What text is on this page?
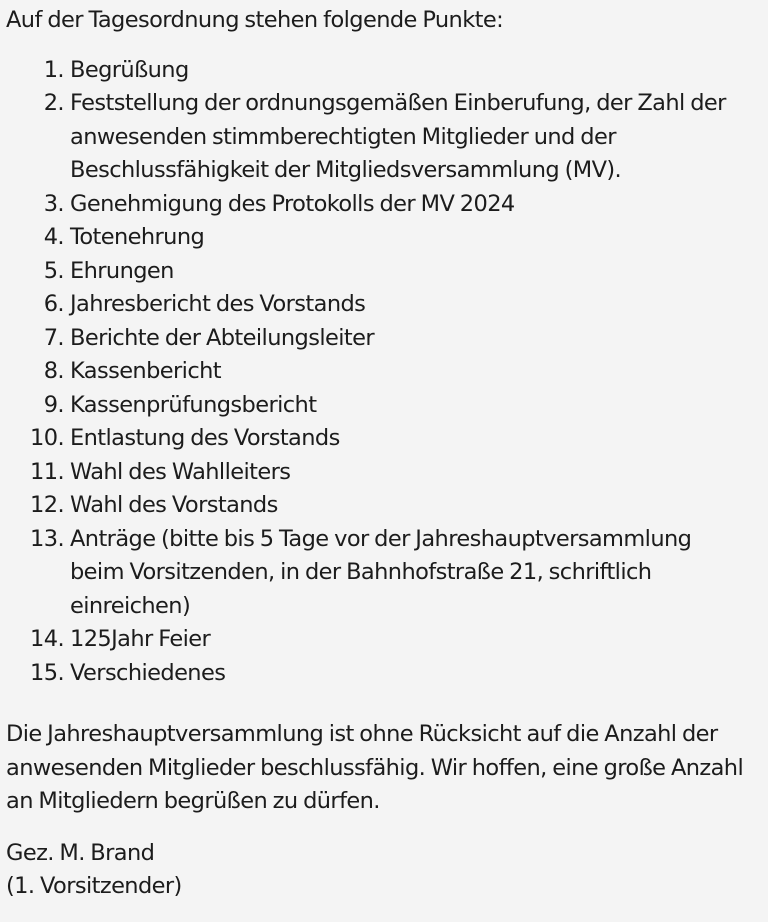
Auf der Tagesordnung stehen folgende Punkte:

1. Begrüßung
2. Feststellung der ordnungsgemäßen Einberufung, der Zahl der anwesenden stimmberechtigten Mitglieder und der Beschlussfähigkeit der Mitgliedsversammlung (MV).
3. Genehmigung des Protokolls der MV 2024
4. Totenehrung
5. Ehrungen
6. Jahresbericht des Vorstands
7. Berichte der Abteilungsleiter
8. Kassenbericht
9. Kassenprüfungsbericht
10. Entlastung des Vorstands
11. Wahl des Wahlleiters
12. Wahl des Vorstands
13. Anträge (bitte bis 5 Tage vor der Jahreshauptversammlung beim Vorsitzenden, in der Bahnhofstraße 21, schriftlich einreichen)
14. 125Jahr Feier
15. Verschiedenes

Die Jahreshauptversammlung ist ohne Rücksicht auf die Anzahl der anwesenden Mitglieder beschlussfähig. Wir hoffen, eine große Anzahl an Mitgliedern begrüßen zu dürfen.

Gez. M. Brand
(1. Vorsitzender)
